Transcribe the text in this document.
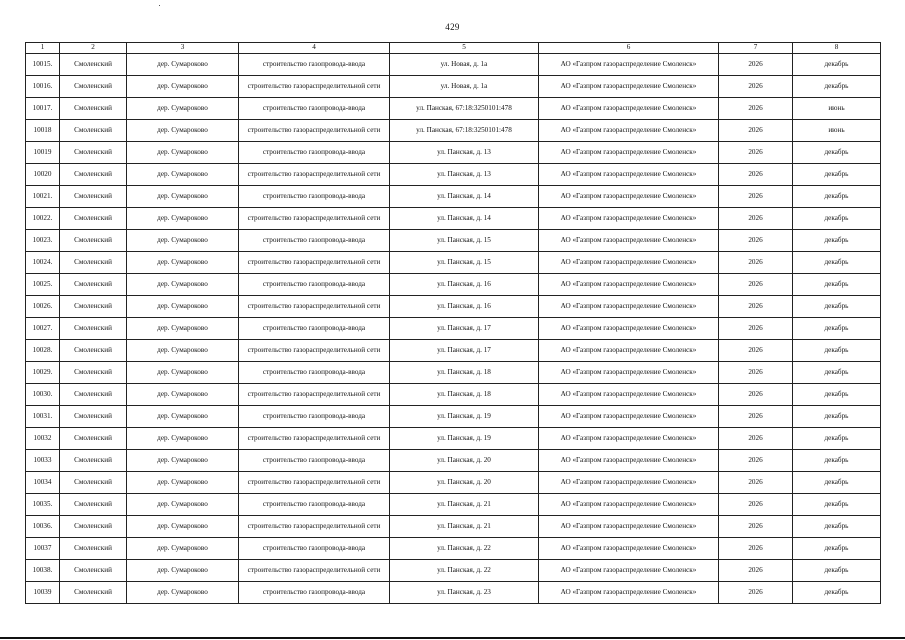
429
1	2	3	4	5	6	7	8
10015.	Смоленский	дер. Сумароково	строительство газопровода-ввода	ул. Новая, д. 1а	АО «Газпром газораспределение Смоленск»	2026	декабрь
10016.	Смоленский	дер. Сумароково	строительство газораспределительной сети	ул. Новая, д. 1а	АО «Газпром газораспределение Смоленск»	2026	декабрь
10017.	Смоленский	дер. Сумароково	строительство газопровода-ввода	ул. Панская, 67:18:3250101:478	АО «Газпром газораспределение Смоленск»	2026	июнь
10018	Смоленский	дер. Сумароково	строительство газораспределительной сети	ул. Панская, 67:18:3250101:478	АО «Газпром газораспределение Смоленск»	2026	июнь
10019	Смоленский	дер. Сумароково	строительство газопровода-ввода	ул. Панская, д. 13	АО «Газпром газораспределение Смоленск»	2026	декабрь
10020	Смоленский	дер. Сумароково	строительство газораспределительной сети	ул. Панская, д. 13	АО «Газпром газораспределение Смоленск»	2026	декабрь
10021.	Смоленский	дер. Сумароково	строительство газопровода-ввода	ул. Панская, д. 14	АО «Газпром газораспределение Смоленск»	2026	декабрь
10022.	Смоленский	дер. Сумароково	строительство газораспределительной сети	ул. Панская, д. 14	АО «Газпром газораспределение Смоленск»	2026	декабрь
10023.	Смоленский	дер. Сумароково	строительство газопровода-ввода	ул. Панская, д. 15	АО «Газпром газораспределение Смоленск»	2026	декабрь
10024.	Смоленский	дер. Сумароково	строительство газораспределительной сети	ул. Панская, д. 15	АО «Газпром газораспределение Смоленск»	2026	декабрь
10025.	Смоленский	дер. Сумароково	строительство газопровода-ввода	ул. Панская, д. 16	АО «Газпром газораспределение Смоленск»	2026	декабрь
10026.	Смоленский	дер. Сумароково	строительство газораспределительной сети	ул. Панская, д. 16	АО «Газпром газораспределение Смоленск»	2026	декабрь
10027.	Смоленский	дер. Сумароково	строительство газопровода-ввода	ул. Панская, д. 17	АО «Газпром газораспределение Смоленск»	2026	декабрь
10028.	Смоленский	дер. Сумароково	строительство газораспределительной сети	ул. Панская, д. 17	АО «Газпром газораспределение Смоленск»	2026	декабрь
10029.	Смоленский	дер. Сумароково	строительство газопровода-ввода	ул. Панская, д. 18	АО «Газпром газораспределение Смоленск»	2026	декабрь
10030.	Смоленский	дер. Сумароково	строительство газораспределительной сети	ул. Панская, д. 18	АО «Газпром газораспределение Смоленск»	2026	декабрь
10031.	Смоленский	дер. Сумароково	строительство газопровода-ввода	ул. Панская, д. 19	АО «Газпром газораспределение Смоленск»	2026	декабрь
10032	Смоленский	дер. Сумароково	строительство газораспределительной сети	ул. Панская, д. 19	АО «Газпром газораспределение Смоленск»	2026	декабрь
10033	Смоленский	дер. Сумароково	строительство газопровода-ввода	ул. Панская, д. 20	АО «Газпром газораспределение Смоленск»	2026	декабрь
10034	Смоленский	дер. Сумароково	строительство газораспределительной сети	ул. Панская, д. 20	АО «Газпром газораспределение Смоленск»	2026	декабрь
10035.	Смоленский	дер. Сумароково	строительство газопровода-ввода	ул. Панская, д. 21	АО «Газпром газораспределение Смоленск»	2026	декабрь
10036.	Смоленский	дер. Сумароково	строительство газораспределительной сети	ул. Панская, д. 21	АО «Газпром газораспределение Смоленск»	2026	декабрь
10037	Смоленский	дер. Сумароково	строительство газопровода-ввода	ул. Панская, д. 22	АО «Газпром газораспределение Смоленск»	2026	декабрь
10038.	Смоленский	дер. Сумароково	строительство газораспределительной сети	ул. Панская, д. 22	АО «Газпром газораспределение Смоленск»	2026	декабрь
10039	Смоленский	дер. Сумароково	строительство газопровода-ввода	ул. Панская, д. 23	АО «Газпром газораспределение Смоленск»	2026	декабрь
